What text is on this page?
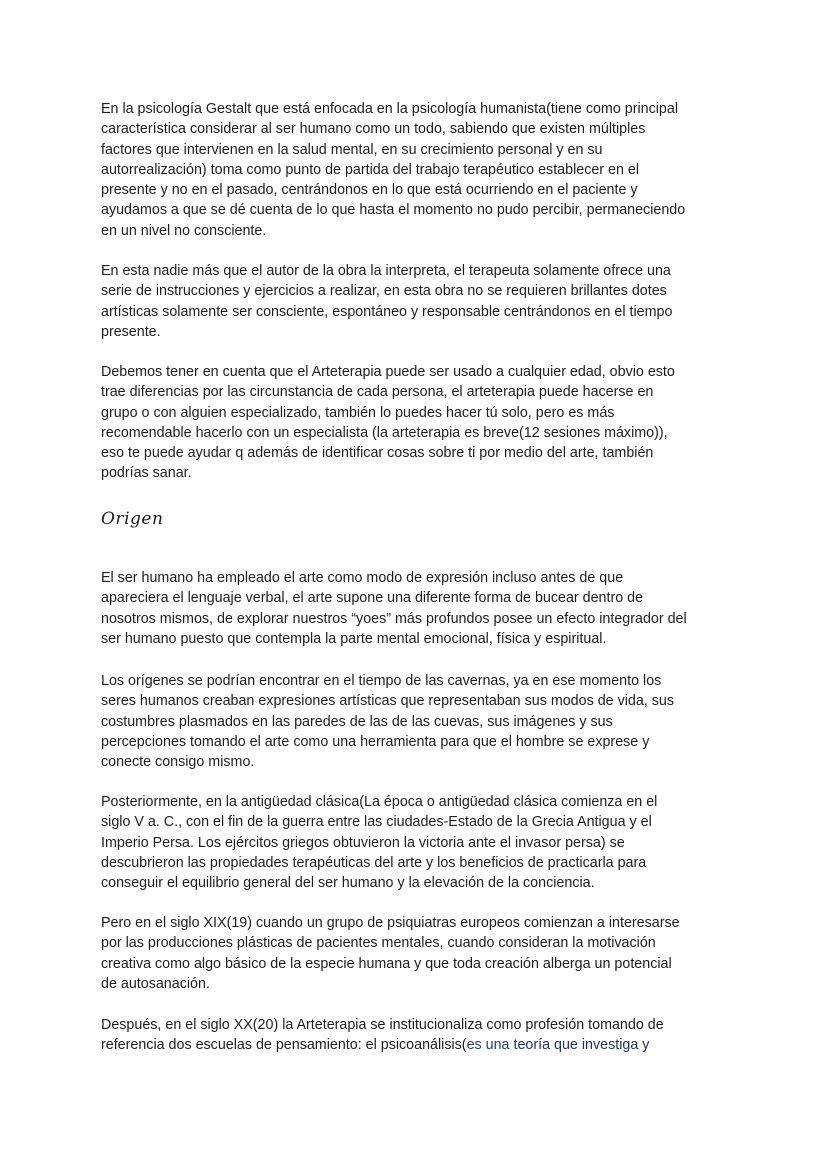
En la psicología Gestalt que está enfocada en la psicología humanista(tiene como principal
característica considerar al ser humano como un todo, sabiendo que existen múltiples
factores que intervienen en la salud mental, en su crecimiento personal y en su
autorrealización) toma como punto de partida del trabajo terapéutico establecer en el
presente y no en el pasado, centrándonos en lo que está ocurriendo en el paciente y
ayudamos a que se dé cuenta de lo que hasta el momento no pudo percibir, permaneciendo
en un nivel no consciente.

En esta nadie más que el autor de la obra la interpreta, el terapeuta solamente ofrece una
serie de instrucciones y ejercicios a realizar, en esta obra no se requieren brillantes dotes
artísticas solamente ser consciente, espontáneo y responsable centrándonos en el tiempo
presente.

Debemos tener en cuenta que el Arteterapia puede ser usado a cualquier edad, obvio esto
trae diferencias por las circunstancia de cada persona, el arteterapia puede hacerse en
grupo o con alguien especializado, también lo puedes hacer tú solo, pero es más
recomendable hacerlo con un especialista (la arteterapia es breve(12 sesiones máximo)),
eso te puede ayudar q además de identificar cosas sobre ti por medio del arte, también
podrías sanar.

Origen

El ser humano ha empleado el arte como modo de expresión incluso antes de que
apareciera el lenguaje verbal, el arte supone una diferente forma de bucear dentro de
nosotros mismos, de explorar nuestros “yoes” más profundos posee un efecto integrador del
ser humano puesto que contempla la parte mental emocional, física y espiritual.

Los orígenes se podrían encontrar en el tiempo de las cavernas, ya en ese momento los
seres humanos creaban expresiones artísticas que representaban sus modos de vida, sus
costumbres plasmados en las paredes de las de las cuevas, sus imágenes y sus
percepciones tomando el arte como una herramienta para que el hombre se exprese y
conecte consigo mismo.

Posteriormente, en la antigüedad clásica(La época o antigüedad clásica comienza en el
siglo V a. C., con el fin de la guerra entre las ciudades-Estado de la Grecia Antigua y el
Imperio Persa. Los ejércitos griegos obtuvieron la victoria ante el invasor persa) se
descubrieron las propiedades terapéuticas del arte y los beneficios de practicarla para
conseguir el equilibrio general del ser humano y la elevación de la conciencia.

Pero en el siglo XIX(19) cuando un grupo de psiquiatras europeos comienzan a interesarse
por las producciones plásticas de pacientes mentales, cuando consideran la motivación
creativa como algo básico de la especie humana y que toda creación alberga un potencial
de autosanación.

Después, en el siglo XX(20) la Arteterapia se institucionaliza como profesión tomando de
referencia dos escuelas de pensamiento: el psicoanálisis(es una teoría que investiga y
